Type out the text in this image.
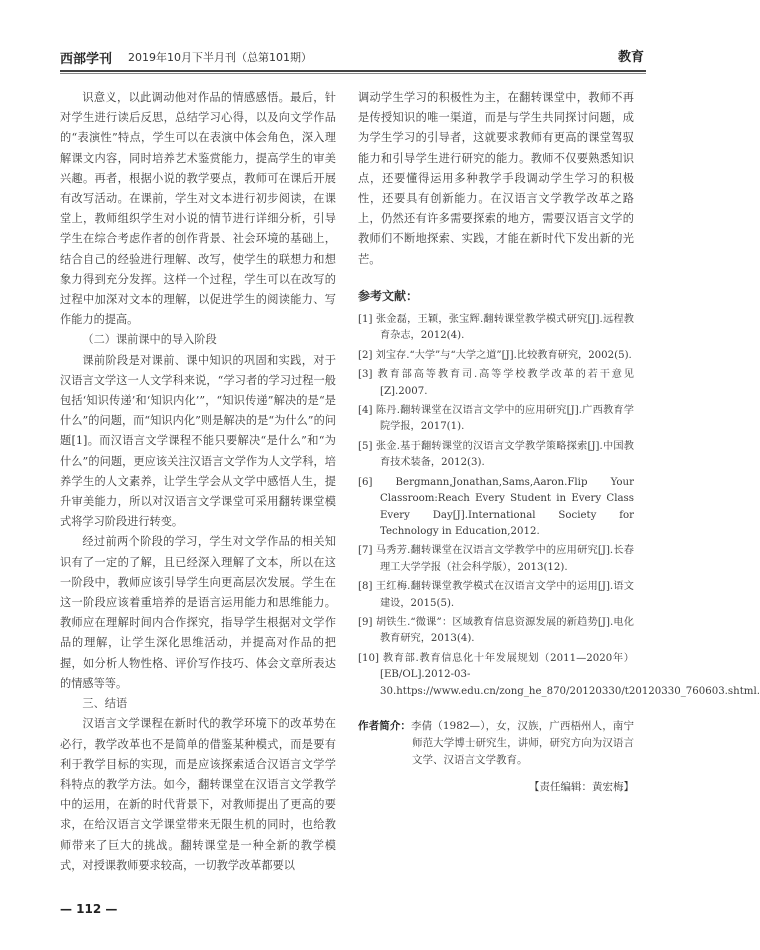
西部学刊 2019年10月下半月刊（总第101期）	教育

识意义，以此调动他对作品的情感感悟。最后，针对学生进行读后反思，总结学习心得，以及向文学作品的“表演性”特点，学生可以在表演中体会角色，深入理解课文内容，同时培养艺术鉴赏能力，提高学生的审美兴趣。再者，根据小说的教学要点，教师可在课后开展有改写活动。在课前，学生对文本进行初步阅读，在课堂上，教师组织学生对小说的情节进行详细分析，引导学生在综合考虑作者的创作背景、社会环境的基础上，结合自己的经验进行理解、改写，使学生的联想力和想象力得到充分发挥。这样一个过程，学生可以在改写的过程中加深对文本的理解，以促进学生的阅读能力、写作能力的提高。

（二）课前课中的导入阶段

课前阶段是对课前、课中知识的巩固和实践，对于汉语言文学这一人文学科来说，“学习者的学习过程一般包括‘知识传递’和‘知识内化’”，“知识传递”解决的是“是什么”的问题，而“知识内化”则是解决的是“为什么”的问题[1]。而汉语言文学课程不能只要解决“是什么”和“为什么”的问题，更应该关注汉语言文学作为人文学科，培养学生的人文素养，让学生学会从文学中感悟人生，提升审美能力，所以对汉语言文学课堂可采用翻转课堂模式将学习阶段进行转变。

经过前两个阶段的学习，学生对文学作品的相关知识有了一定的了解，且已经深入理解了文本，所以在这一阶段中，教师应该引导学生向更高层次发展。学生在这一阶段应该着重培养的是语言运用能力和思维能力。教师应在理解时间内合作探究，指导学生根据对文学作品的理解，让学生深化思维活动，并提高对作品的把握，如分析人物性格、评价写作技巧、体会文章所表达的情感等等。

三、结语

汉语言文学课程在新时代的教学环境下的改革势在必行，教学改革也不是简单的借鉴某种模式，而是要有利于教学目标的实现，而是应该探索适合汉语言文学学科特点的教学方法。如今，翻转课堂在汉语言文学教学中的运用，在新的时代背景下，对教师提出了更高的要求，在给汉语言文学课堂带来无限生机的同时，也给教师带来了巨大的挑战。翻转课堂是一种全新的教学模式，对授课教师要求较高，一切教学改革都要以

调动学生学习的积极性为主，在翻转课堂中，教师不再是传授知识的唯一渠道，而是与学生共同探讨问题，成为学生学习的引导者，这就要求教师有更高的课堂驾驭能力和引导学生进行研究的能力。教师不仅要熟悉知识点，还要懂得运用多种教学手段调动学生学习的积极性，还要具有创新能力。在汉语言文学教学改革之路上，仍然还有许多需要探索的地方，需要汉语言文学的教师们不断地探索、实践，才能在新时代下发出新的光芒。

参考文献：
[1] 张金磊，王颖，张宝辉.翻转课堂教学模式研究[J].远程教育杂志，2012(4).
[2] 刘宝存.“大学”与“大学之道”[J].比较教育研究，2002(5).
[3] 教育部高等教育司.高等学校教学改革的若干意见[Z].2007.
[4] 陈丹.翻转课堂在汉语言文学中的应用研究[J].广西教育学院学报，2017(1).
[5] 张金.基于翻转课堂的汉语言文学教学策略探索[J].中国教育技术装备，2012(3).
[6] Bergmann,Jonathan,Sams,Aaron.Flip Your Classroom:Reach Every Student in Every Class Every Day[J].International Society for Technology in Education,2012.
[7] 马秀芳.翻转课堂在汉语言文学教学中的应用研究[J].长春理工大学学报（社会科学版），2013(12).
[8] 王红梅.翻转课堂教学模式在汉语言文学中的运用[J].语文建设，2015(5).
[9] 胡铁生.“微课”：区域教育信息资源发展的新趋势[J].电化教育研究，2013(4).
[10] 教育部.教育信息化十年发展规划（2011—2020年）[EB/OL].2012-03-30.https://www.edu.cn/zong_he_870/20120330/t20120330_760603.shtml.
作者简介：李倩（1982—），女，汉族，广西梧州人，南宁师范大学博士研究生，讲师，研究方向为汉语言文学、汉语言文学教育。
【责任编辑：黄宏梅】
— 112 —
